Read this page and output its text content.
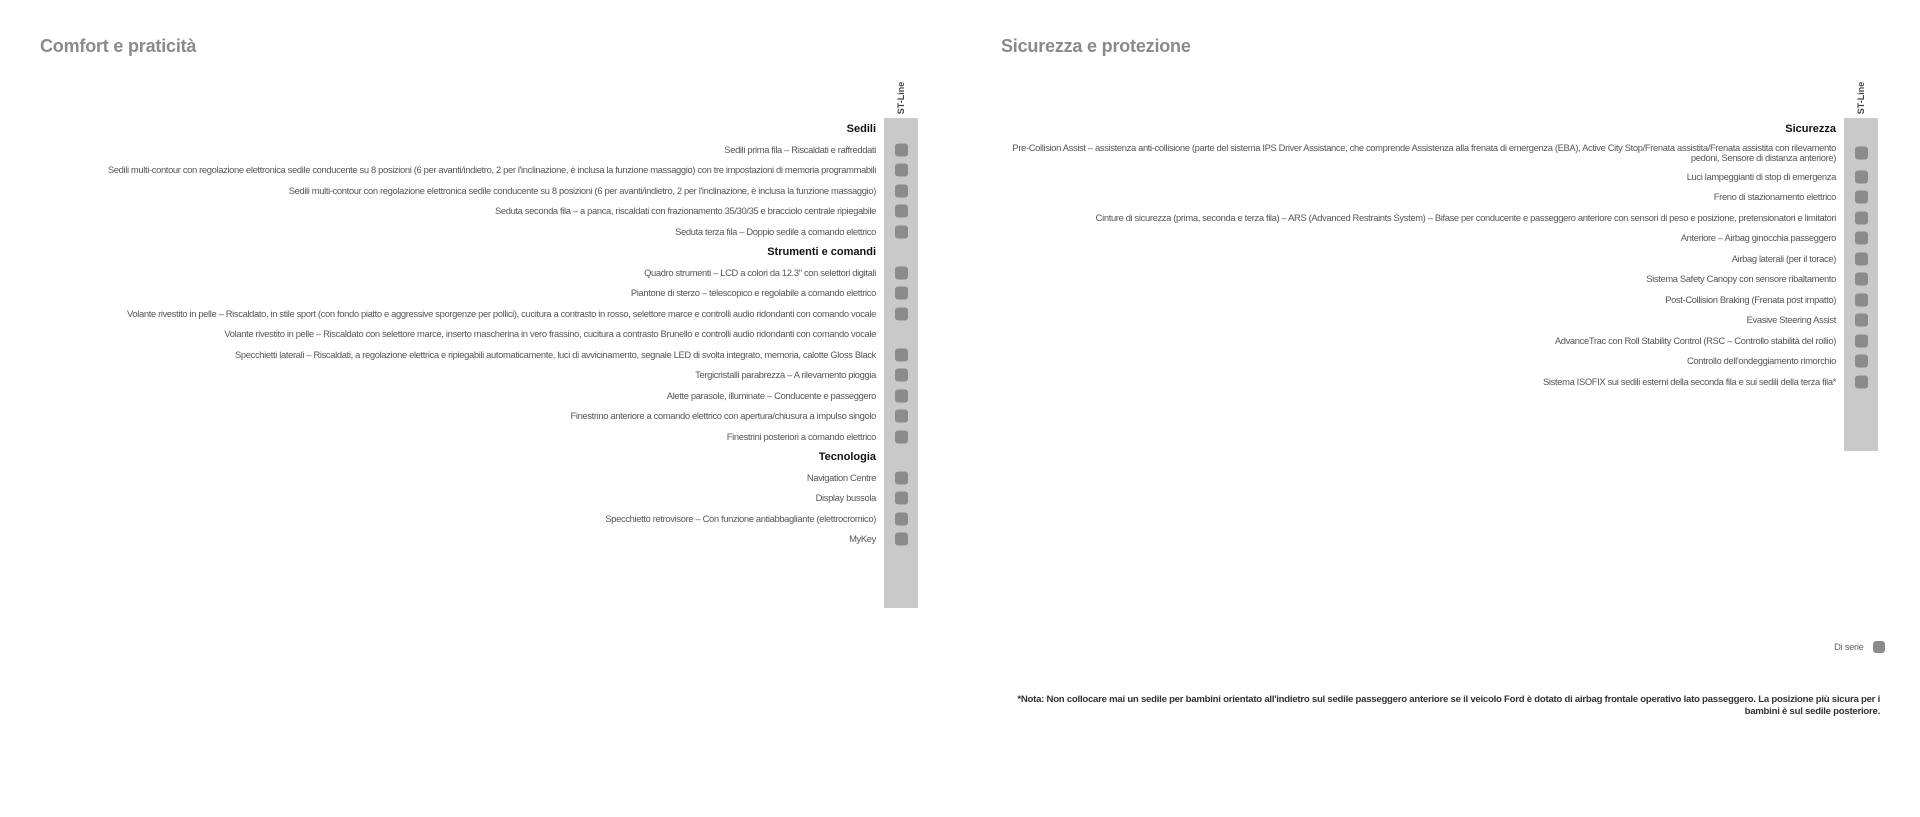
Comfort e praticità
ST-Line
Sedili
Sedili prima fila – Riscaldati e raffreddati
Sedili multi-contour con regolazione elettronica sedile conducente su 8 posizioni (6 per avanti/indietro, 2 per l'inclinazione, è inclusa la funzione massaggio) con tre impostazioni di memoria programmabili
Sedili multi-contour con regolazione elettronica sedile conducente su 8 posizioni (6 per avanti/indietro, 2 per l'inclinazione, è inclusa la funzione massaggio)
Seduta seconda fila – a panca, riscaldati con frazionamento 35/30/35 e bracciolo centrale ripiegabile
Seduta terza fila – Doppio sedile a comando elettrico
Strumenti e comandi
Quadro strumenti – LCD a colori da 12.3" con selettori digitali
Piantone di sterzo – telescopico e regolabile a comando elettrico
Volante rivestito in pelle – Riscaldato, in stile sport (con fondo piatto e aggressive sporgenze per pollici), cucitura a contrasto in rosso, selettore marce e controlli audio ridondanti con comando vocale
Volante rivestito in pelle – Riscaldato con selettore marce, inserto mascherina in vero frassino, cucitura a contrasto Brunello e controlli audio ridondanti con comando vocale
Specchietti laterali – Riscaldati, a regolazione elettrica e ripiegabili automaticamente, luci di avvicinamento, segnale LED di svolta integrato, memoria, calotte Gloss Black
Tergicristalli parabrezza – A rilevamento pioggia
Alette parasole, illuminate – Conducente e passeggero
Finestrino anteriore a comando elettrico con apertura/chiusura a impulso singolo
Finestrini posteriori a comando elettrico
Tecnologia
Navigation Centre
Display bussola
Specchietto retrovisore – Con funzione antiabbagliante (elettrocromico)
MyKey
Sicurezza e protezione
ST-Line
Sicurezza
Pre-Collision Assist – assistenza anti-collisione (parte del sistema IPS Driver Assistance, che comprende Assistenza alla frenata di emergenza (EBA), Active City Stop/Frenata assistita/Frenata assistita con rilevamento pedoni, Sensore di distanza anteriore)
Luci lampeggianti di stop di emergenza
Freno di stazionamento elettrico
Cinture di sicurezza (prima, seconda e terza fila) – ARS (Advanced Restraints System) – Bifase per conducente e passeggero anteriore con sensori di peso e posizione, pretensionatori e limitatori
Anteriore – Airbag ginocchia passeggero
Airbag laterali (per il torace)
Sistema Safety Canopy con sensore ribaltamento
Post-Collision Braking (Frenata post impatto)
Evasive Steering Assist
AdvanceTrac con Roll Stability Control (RSC – Controllo stabilità del rollio)
Controllo dell'ondeggiamento rimorchio
Sistema ISOFIX sui sedili esterni della seconda fila e sui sedili della terza fila*
Di serie
*Nota: Non collocare mai un sedile per bambini orientato all'indietro sul sedile passeggero anteriore se il veicolo Ford è dotato di airbag frontale operativo lato passeggero. La posizione più sicura per i bambini è sul sedile posteriore.
